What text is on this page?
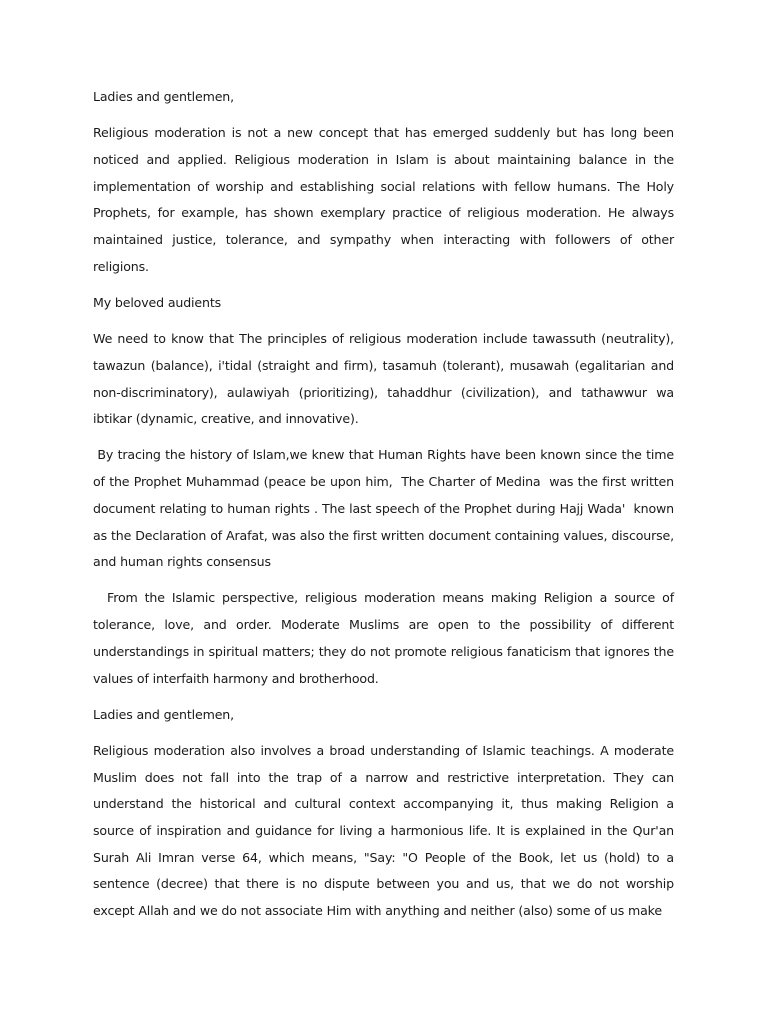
Ladies and gentlemen,
Religious moderation is not a new concept that has emerged suddenly but has long been noticed and applied. Religious moderation in Islam is about maintaining balance in the implementation of worship and establishing social relations with fellow humans. The Holy Prophets, for example, has shown exemplary practice of religious moderation. He always maintained justice, tolerance, and sympathy when interacting with followers of other religions.
My beloved audients
We need to know that The principles of religious moderation include tawassuth (neutrality), tawazun (balance), i'tidal (straight and firm), tasamuh (tolerant), musawah (egalitarian and non-discriminatory), aulawiyah (prioritizing), tahaddhur (civilization), and tathawwur wa ibtikar (dynamic, creative, and innovative).
By tracing the history of Islam,we knew that Human Rights have been known since the time of the Prophet Muhammad (peace be upon him,  The Charter of Medina  was the first written document relating to human rights . The last speech of the Prophet during Hajj Wada'  known as the Declaration of Arafat, was also the first written document containing values, discourse, and human rights consensus
From the Islamic perspective, religious moderation means making Religion a source of tolerance, love, and order. Moderate Muslims are open to the possibility of different understandings in spiritual matters; they do not promote religious fanaticism that ignores the values of interfaith harmony and brotherhood.
Ladies and gentlemen,
Religious moderation also involves a broad understanding of Islamic teachings. A moderate Muslim does not fall into the trap of a narrow and restrictive interpretation. They can understand the historical and cultural context accompanying it, thus making Religion a source of inspiration and guidance for living a harmonious life. It is explained in the Qur'an Surah Ali Imran verse 64, which means, "Say: "O People of the Book, let us (hold) to a sentence (decree) that there is no dispute between you and us, that we do not worship except Allah and we do not associate Him with anything and neither (also) some of us make
